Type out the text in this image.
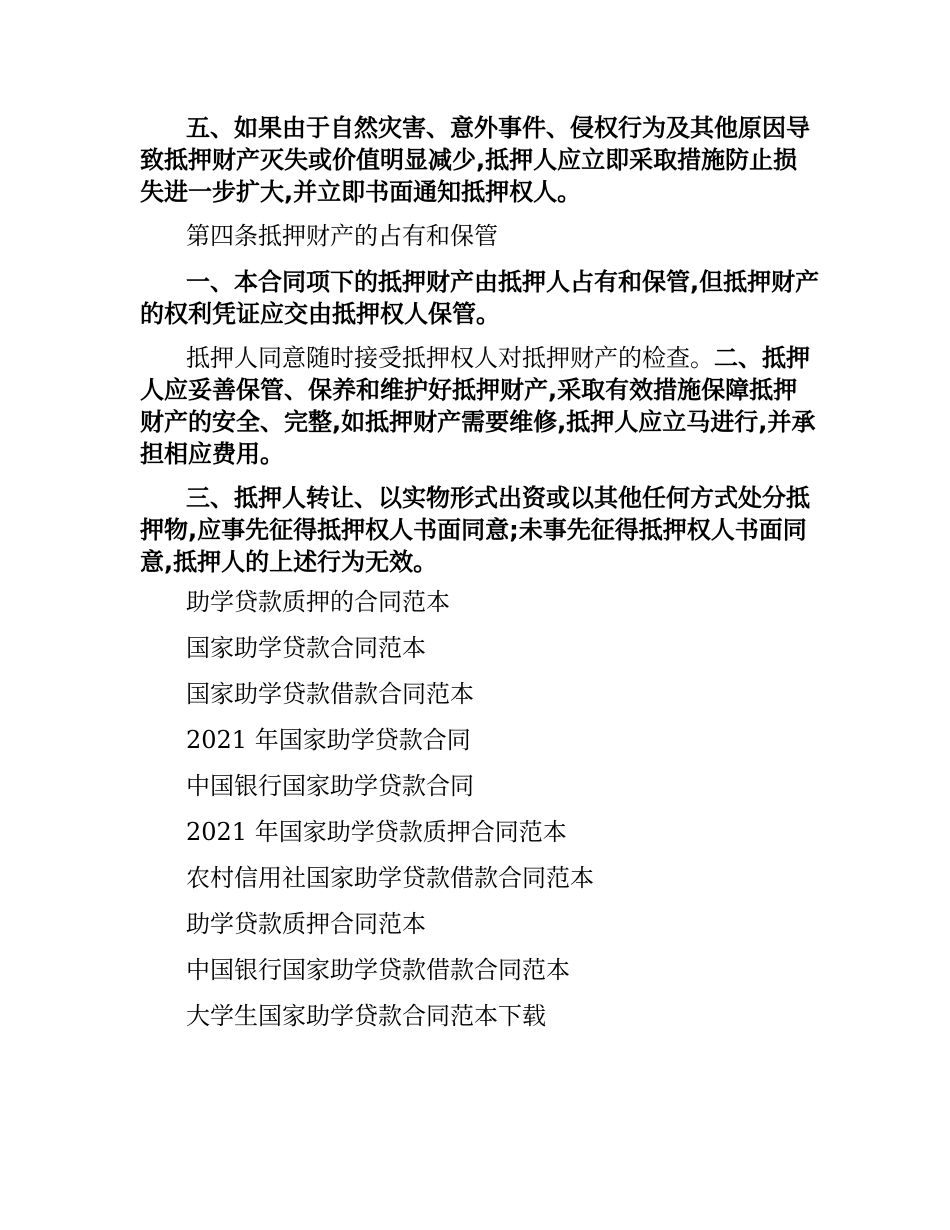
五、如果由于自然灾害、意外事件、侵权行为及其他原因导致抵押财产灭失或价值明显减少,抵押人应立即采取措施防止损失进一步扩大,并立即书面通知抵押权人。

第四条抵押财产的占有和保管

一、本合同项下的抵押财产由抵押人占有和保管,但抵押财产的权利凭证应交由抵押权人保管。

抵押人同意随时接受抵押权人对抵押财产的检查。二、抵押人应妥善保管、保养和维护好抵押财产,采取有效措施保障抵押财产的安全、完整,如抵押财产需要维修,抵押人应立马进行,并承担相应费用。

三、抵押人转让、以实物形式出资或以其他任何方式处分抵押物,应事先征得抵押权人书面同意;未事先征得抵押权人书面同意,抵押人的上述行为无效。

助学贷款质押的合同范本

国家助学贷款合同范本

国家助学贷款借款合同范本

2021 年国家助学贷款合同

中国银行国家助学贷款合同

2021 年国家助学贷款质押合同范本

农村信用社国家助学贷款借款合同范本

助学贷款质押合同范本

中国银行国家助学贷款借款合同范本

大学生国家助学贷款合同范本下载
